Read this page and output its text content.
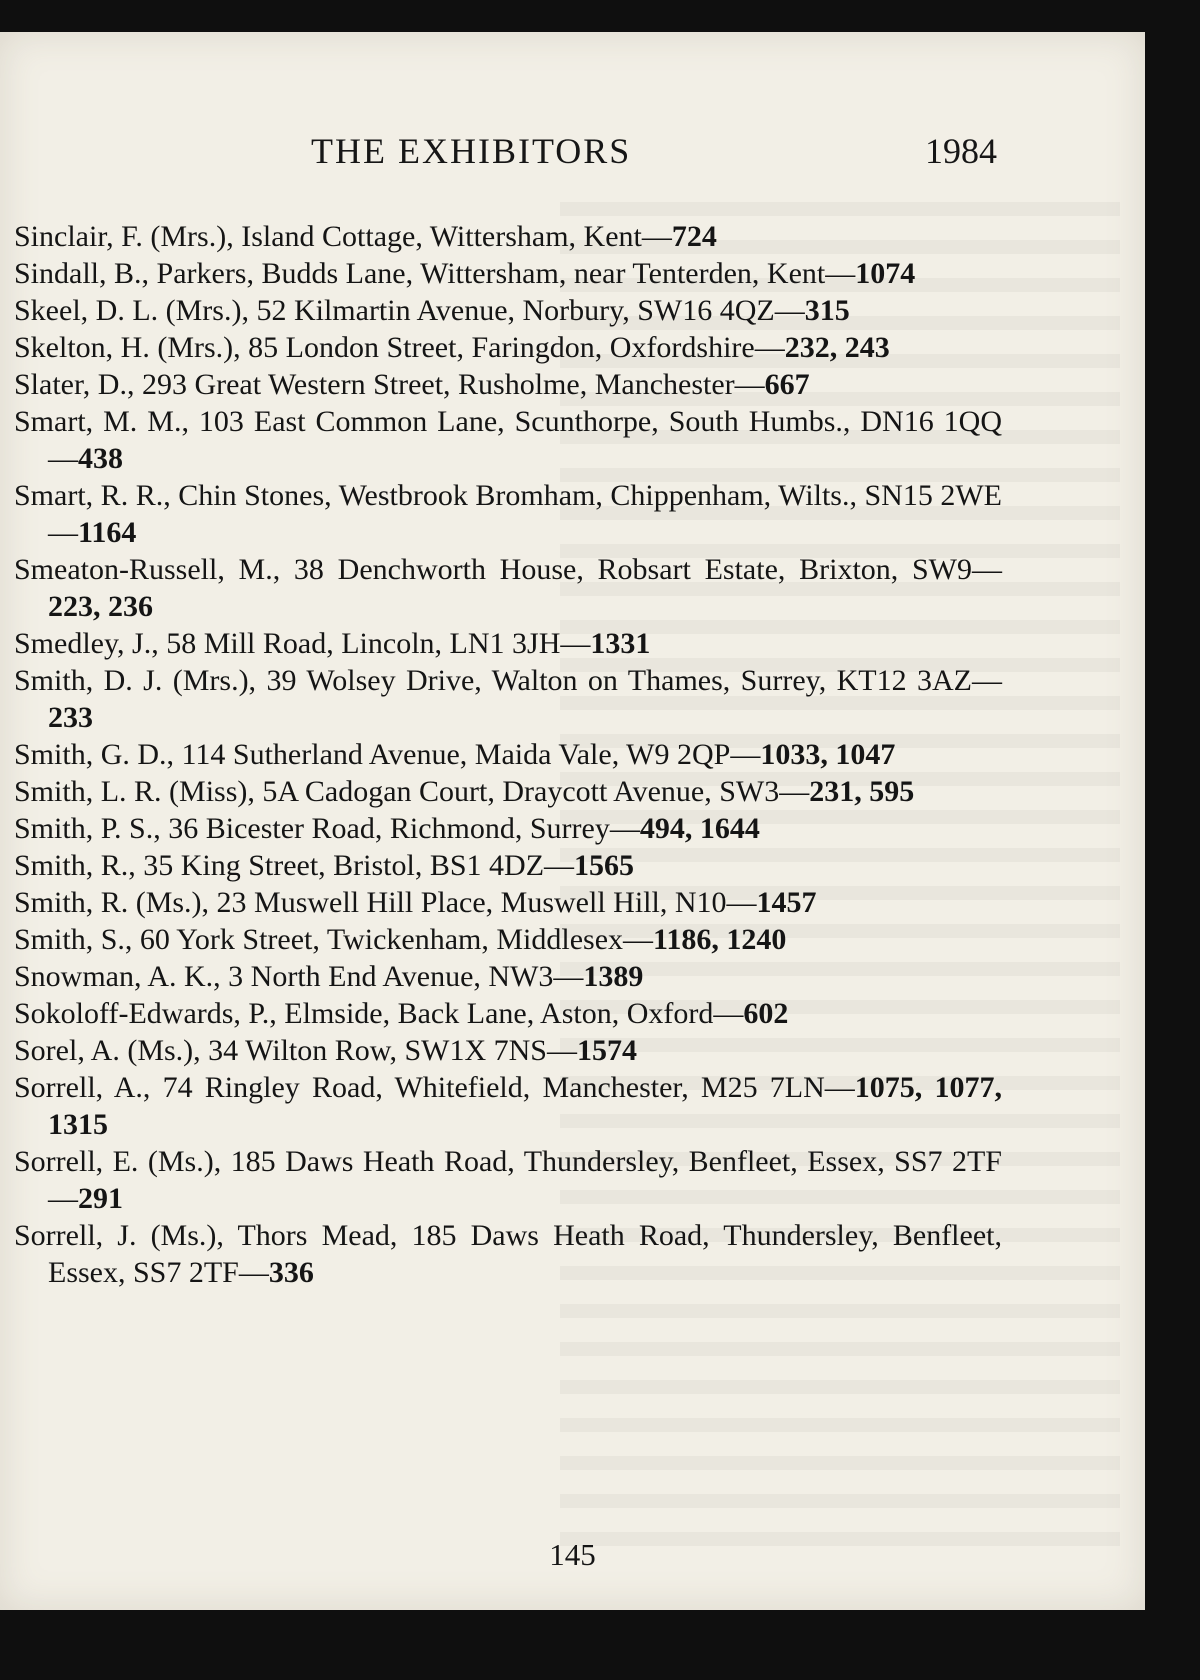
THE EXHIBITORS	1984
Sinclair, F. (Mrs.), Island Cottage, Wittersham, Kent—724
Sindall, B., Parkers, Budds Lane, Wittersham, near Tenterden, Kent—1074
Skeel, D. L. (Mrs.), 52 Kilmartin Avenue, Norbury, SW16 4QZ—315
Skelton, H. (Mrs.), 85 London Street, Faringdon, Oxfordshire—232, 243
Slater, D., 293 Great Western Street, Rusholme, Manchester—667
Smart, M. M., 103 East Common Lane, Scunthorpe, South Humbs., DN16 1QQ—438
Smart, R. R., Chin Stones, Westbrook Bromham, Chippenham, Wilts., SN15 2WE—1164
Smeaton-Russell, M., 38 Denchworth House, Robsart Estate, Brixton, SW9—223, 236
Smedley, J., 58 Mill Road, Lincoln, LN1 3JH—1331
Smith, D. J. (Mrs.), 39 Wolsey Drive, Walton on Thames, Surrey, KT12 3AZ—233
Smith, G. D., 114 Sutherland Avenue, Maida Vale, W9 2QP—1033, 1047
Smith, L. R. (Miss), 5A Cadogan Court, Draycott Avenue, SW3—231, 595
Smith, P. S., 36 Bicester Road, Richmond, Surrey—494, 1644
Smith, R., 35 King Street, Bristol, BS1 4DZ—1565
Smith, R. (Ms.), 23 Muswell Hill Place, Muswell Hill, N10—1457
Smith, S., 60 York Street, Twickenham, Middlesex—1186, 1240
Snowman, A. K., 3 North End Avenue, NW3—1389
Sokoloff-Edwards, P., Elmside, Back Lane, Aston, Oxford—602
Sorel, A. (Ms.), 34 Wilton Row, SW1X 7NS—1574
Sorrell, A., 74 Ringley Road, Whitefield, Manchester, M25 7LN—1075, 1077, 1315
Sorrell, E. (Ms.), 185 Daws Heath Road, Thundersley, Benfleet, Essex, SS7 2TF—291
Sorrell, J. (Ms.), Thors Mead, 185 Daws Heath Road, Thundersley, Benfleet, Essex, SS7 2TF—336
145
